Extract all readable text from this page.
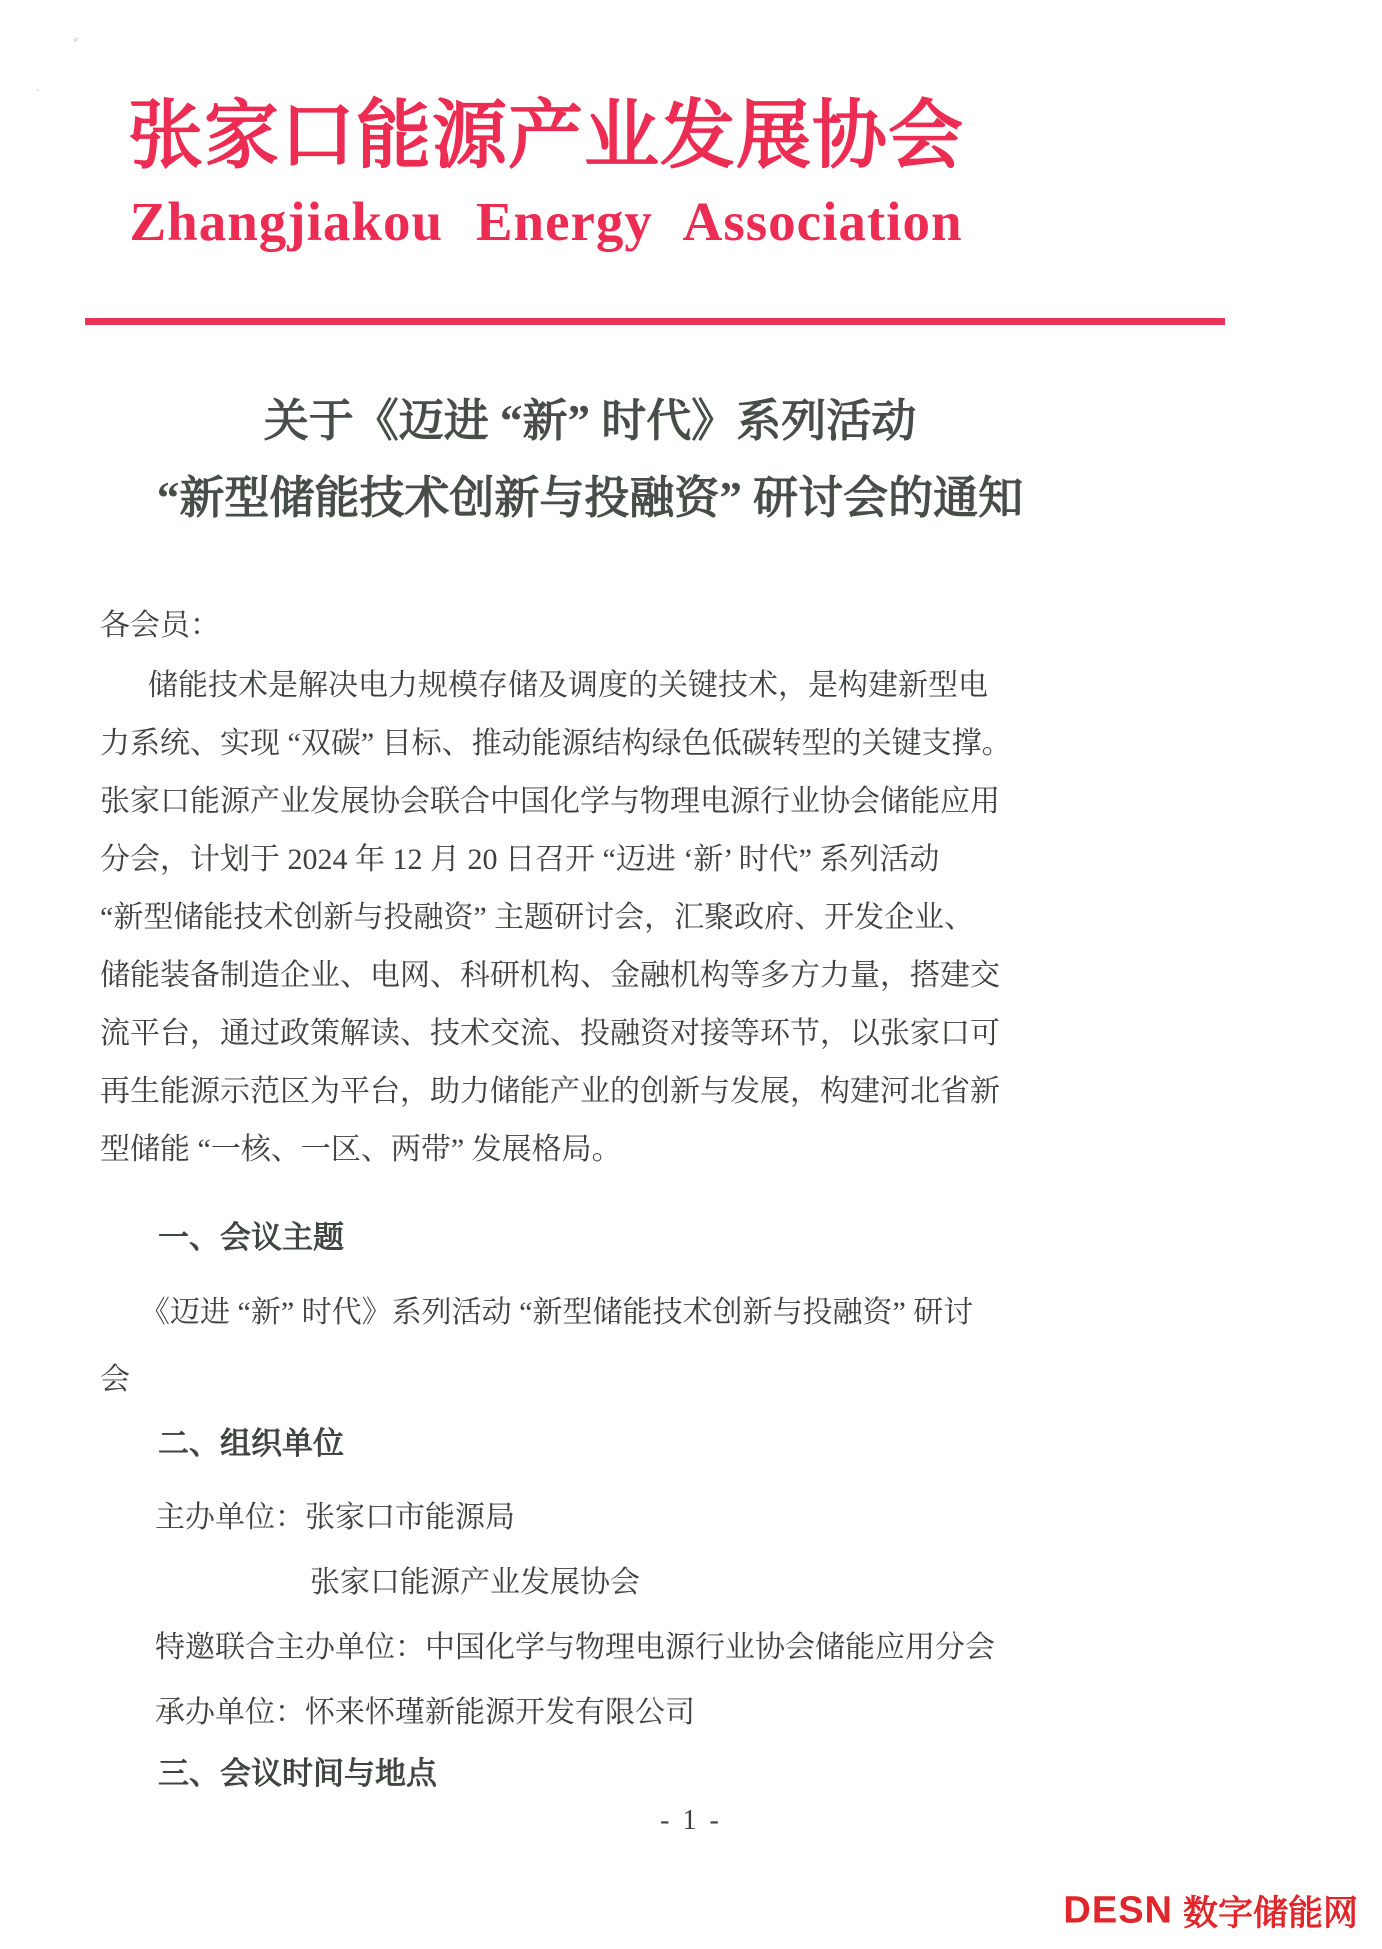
‘
.
张家口能源产业发展协会
Zhangjiakou Energy Association
关于《迈进 “新” 时代》系列活动
“新型储能技术创新与投融资” 研讨会的通知
各会员：
储能技术是解决电力规模存储及调度的关键技术，是构建新型电
力系统、实现 “双碳” 目标、推动能源结构绿色低碳转型的关键支撑。
张家口能源产业发展协会联合中国化学与物理电源行业协会储能应用
分会，计划于 2024 年 12 月 20 日召开 “迈进 ‘新’ 时代” 系列活动
“新型储能技术创新与投融资” 主题研讨会，汇聚政府、开发企业、
储能装备制造企业、电网、科研机构、金融机构等多方力量，搭建交
流平台，通过政策解读、技术交流、投融资对接等环节，以张家口可
再生能源示范区为平台，助力储能产业的创新与发展，构建河北省新
型储能 “一核、一区、两带” 发展格局。
一、会议主题
《迈进 “新” 时代》系列活动 “新型储能技术创新与投融资” 研讨
会
二、组织单位
主办单位：张家口市能源局
张家口能源产业发展协会
特邀联合主办单位：中国化学与物理电源行业协会储能应用分会
承办单位：怀来怀瑾新能源开发有限公司
三、会议时间与地点
- 1 -
DESN 数字储能网
